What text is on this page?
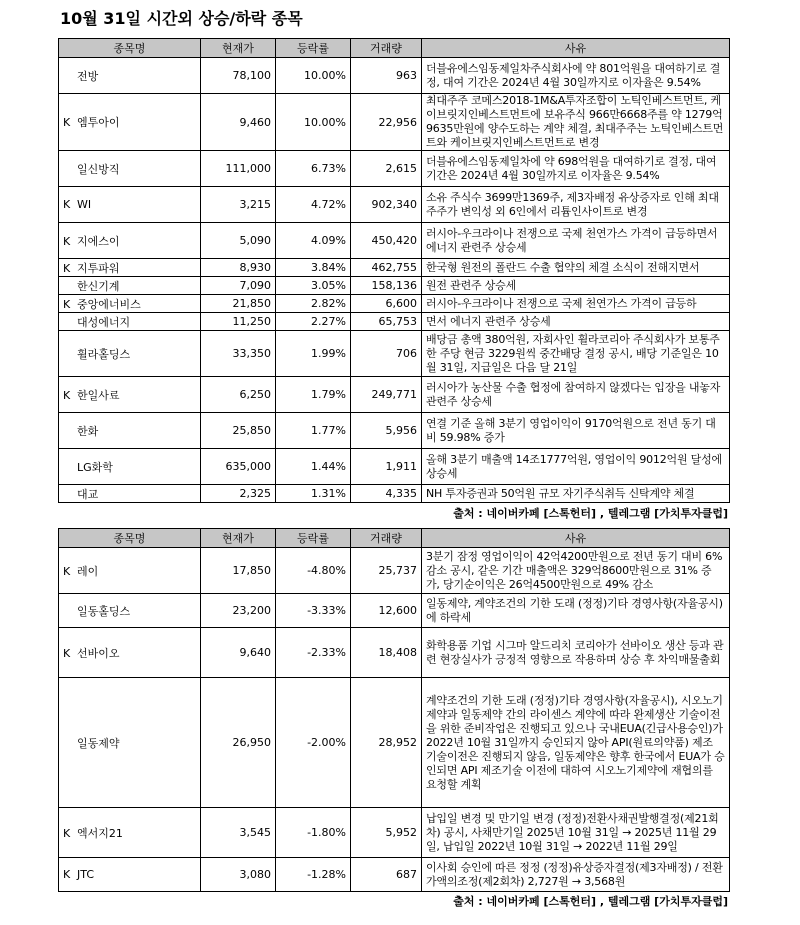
10월 31일 시간외 상승/하락 종목
종목명	현재가	등락률	거래량	사유
전방	78,100	10.00%	963	더블유에스임동제일차주식회사에 약 801억원을 대여하기로 결정, 대여 기간은 2024년 4월 30일까지로 이자율은 9.54%
K 엠투아이	9,460	10.00%	22,956	최대주주 코메스2018-1M&A투자조합이 노틱인베스트먼트, 케이브릿지인베스트먼트에 보유주식 966만6668주를 약 1279억9635만원에 양수도하는 계약 체결, 최대주주는 노틱인베스트먼트와 케이브릿지인베스트먼트로 변경
일신방직	111,000	6.73%	2,615	더블유에스임동제일차에 약 698억원을 대여하기로 결정, 대여 기간은 2024년 4월 30일까지로 이자율은 9.54%
K WI	3,215	4.72%	902,340	소유 주식수 3699만1369주, 제3자배정 유상증자로 인해 최대주주가 변익성 외 6인에서 리튬인사이트로 변경
K 지에스이	5,090	4.09%	450,420	러시아-우크라이나 전쟁으로 국제 천연가스 가격이 급등하면서 에너지 관련주 상승세
K 지투파워	8,930	3.84%	462,755	한국형 원전의 폴란드 수출 협약의 체결 소식이 전해지면서
한신기계	7,090	3.05%	158,136	원전 관련주 상승세
K 중앙에너비스	21,850	2.82%	6,600	러시아-우크라이나 전쟁으로 국제 천연가스 가격이 급등하
대성에너지	11,250	2.27%	65,753	면서 에너지 관련주 상승세
휠라홀딩스	33,350	1.99%	706	배당금 총액 380억원, 자회사인 휠라코리아 주식회사가 보통주 한 주당 현금 3229원씩 중간배당 결정 공시, 배당 기준일은 10월 31일, 지급일은 다음 달 21일
K 한일사료	6,250	1.79%	249,771	러시아가 농산물 수출 협정에 참여하지 않겠다는 입장을 내놓자 관련주 상승세
한화	25,850	1.77%	5,956	연결 기준 올해 3분기 영업이익이 9170억원으로 전년 동기 대비 59.98% 증가
LG화학	635,000	1.44%	1,911	올해 3분기 매출액 14조1777억원, 영업이익 9012억원 달성에 상승세
대교	2,325	1.31%	4,335	NH 투자증권과 50억원 규모 자기주식취득 신탁계약 체결
출처 : 네이버카페 [스톡헌터] , 텔레그램 [가치투자클럽]
종목명	현재가	등락률	거래량	사유
K 레이	17,850	-4.80%	25,737	3분기 잠정 영업이익이 42억4200만원으로 전년 동기 대비 6% 감소 공시, 같은 기간 매출액은 329억8600만원으로 31% 증가, 당기순이익은 26억4500만원으로 49% 감소
일동홀딩스	23,200	-3.33%	12,600	일동제약, 계약조건의 기한 도래 (정정)기타 경영사항(자율공시) 에 하락세
K 선바이오	9,640	-2.33%	18,408	화학용품 기업 시그마 알드리치 코리아가 선바이오 생산 등과 관련 현장실사가 긍정적 영향으로 작용하며 상승 후 차익매물출회
일동제약	26,950	-2.00%	28,952	계약조건의 기한 도래 (정정)기타 경영사항(자율공시), 시오노기제약과 일동제약 간의 라이센스 계약에 따라 완제생산 기술이전을 위한 준비작업은 진행되고 있으나 국내EUA(긴급사용승인)가 2022년 10월 31일까지 승인되지 않아 API(원료의약품) 제조 기술이전은 진행되지 않음, 일동제약은 향후 한국에서 EUA가 승인되면 API 제조기술 이전에 대하여 시오노기제약에 재협의를 요청할 계획
K 엑서지21	3,545	-1.80%	5,952	납입일 변경 및 만기일 변경 (정정)전환사채권발행결정(제21회차) 공시, 사채만기일 2025년 10월 31일 → 2025년 11월 29일, 납입일 2022년 10월 31일 → 2022년 11월 29일
K JTC	3,080	-1.28%	687	이사회 승인에 따른 정정 (정정)유상증자결정(제3자배정) / 전환가액의조정(제2회차) 2,727원 → 3,568원
출처 : 네이버카페 [스톡헌터] , 텔레그램 [가치투자클럽]
